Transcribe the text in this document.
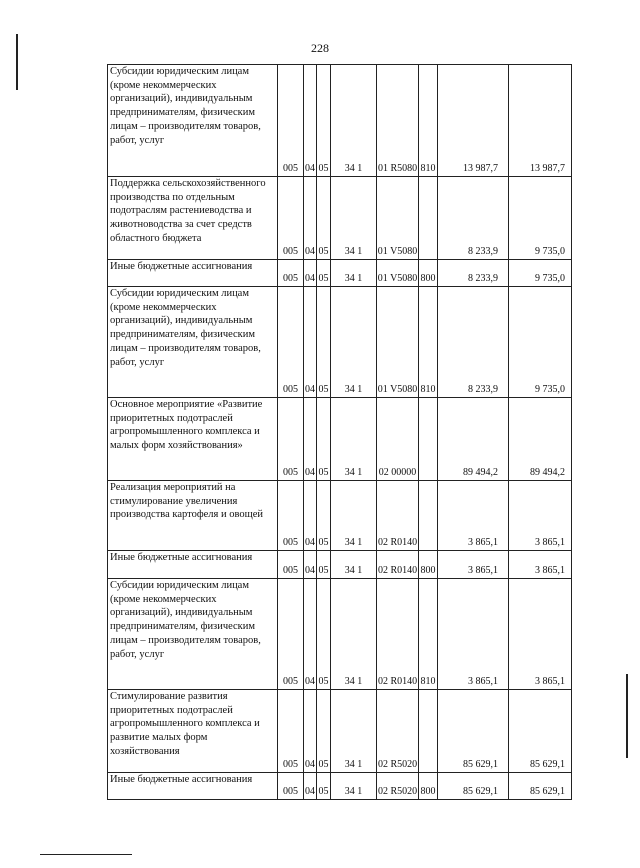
228
Субсидии юридическим лицам (кроме некоммерческих организаций), индивидуальным предпринимателям, физическим лицам – производителям товаров, работ, услуг	005	04	05	34 1	01 R5080	810	13 987,7	13 987,7
Поддержка сельскохозяйственного производства по отдельным подотраслям растениеводства и животноводства за счет средств областного бюджета	005	04	05	34 1	01 V5080		8 233,9	9 735,0
Иные бюджетные ассигнования	005	04	05	34 1	01 V5080	800	8 233,9	9 735,0
Субсидии юридическим лицам (кроме некоммерческих организаций), индивидуальным предпринимателям, физическим лицам – производителям товаров, работ, услуг	005	04	05	34 1	01 V5080	810	8 233,9	9 735,0
Основное мероприятие «Развитие приоритетных подотраслей агропромышленного комплекса и малых форм хозяйствования»	005	04	05	34 1	02 00000		89 494,2	89 494,2
Реализация мероприятий на стимулирование увеличения производства картофеля и овощей	005	04	05	34 1	02 R0140		3 865,1	3 865,1
Иные бюджетные ассигнования	005	04	05	34 1	02 R0140	800	3 865,1	3 865,1
Субсидии юридическим лицам (кроме некоммерческих организаций), индивидуальным предпринимателям, физическим лицам – производителям товаров, работ, услуг	005	04	05	34 1	02 R0140	810	3 865,1	3 865,1
Стимулирование развития приоритетных подотраслей агропромышленного комплекса и развитие малых форм хозяйствования	005	04	05	34 1	02 R5020		85 629,1	85 629,1
Иные бюджетные ассигнования	005	04	05	34 1	02 R5020	800	85 629,1	85 629,1
